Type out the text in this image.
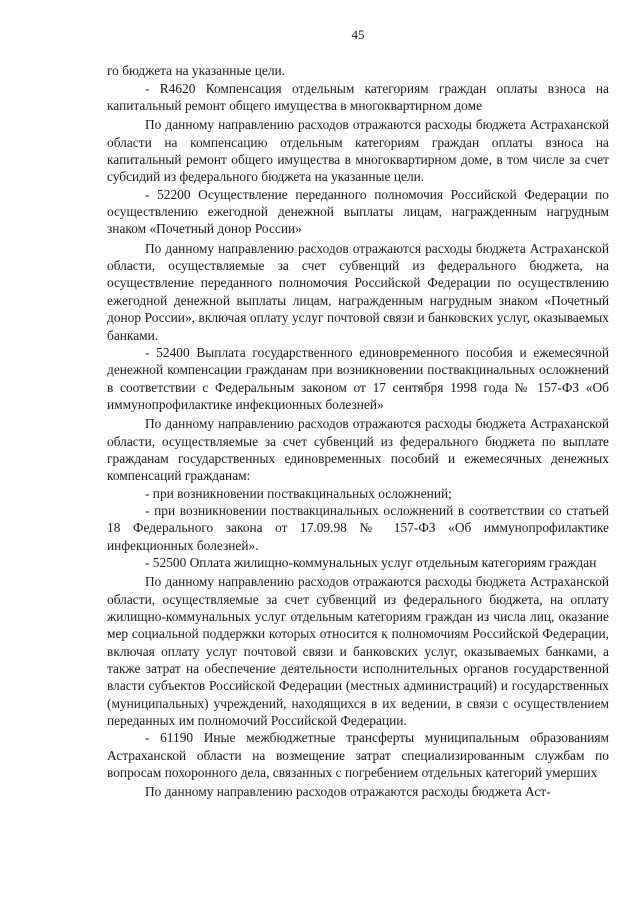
45

го бюджета на указанные цели.

- R4620 Компенсация отдельным категориям граждан оплаты взноса на капитальный ремонт общего имущества в многоквартирном доме

По данному направлению расходов отражаются расходы бюджета Астраханской области на компенсацию отдельным категориям граждан оплаты взноса на капитальный ремонт общего имущества в многоквартирном доме, в том числе за счет субсидий из федерального бюджета на указанные цели.

- 52200 Осуществление переданного полномочия Российской Федерации по осуществлению ежегодной денежной выплаты лицам, награжденным нагрудным знаком «Почетный донор России»

По данному направлению расходов отражаются расходы бюджета Астраханской области, осуществляемые за счет субвенций из федерального бюджета, на осуществление переданного полномочия Российской Федерации по осуществлению ежегодной денежной выплаты лицам, награжденным нагрудным знаком «Почетный донор России», включая оплату услуг почтовой связи и банковских услуг, оказываемых банками.

- 52400 Выплата государственного единовременного пособия и ежемесячной денежной компенсации гражданам при возникновении поствакцинальных осложнений в соответствии с Федеральным законом от 17 сентября 1998 года № 157-ФЗ «Об иммунопрофилактике инфекционных болезней»

По данному направлению расходов отражаются расходы бюджета Астраханской области, осуществляемые за счет субвенций из федерального бюджета по выплате гражданам государственных единовременных пособий и ежемесячных денежных компенсаций гражданам:

- при возникновении поствакцинальных осложнений;

- при возникновении поствакцинальных осложнений в соответствии со статьей 18 Федерального закона от 17.09.98 № 157-ФЗ «Об иммунопрофилактике инфекционных болезней».

- 52500 Оплата жилищно-коммунальных услуг отдельным категориям граждан

По данному направлению расходов отражаются расходы бюджета Астраханской области, осуществляемые за счет субвенций из федерального бюджета, на оплату жилищно-коммунальных услуг отдельным категориям граждан из числа лиц, оказание мер социальной поддержки которых относится к полномочиям Российской Федерации, включая оплату услуг почтовой связи и банковских услуг, оказываемых банками, а также затрат на обеспечение деятельности исполнительных органов государственной власти субъектов Российской Федерации (местных администраций) и государственных (муниципальных) учреждений, находящихся в их ведении, в связи с осуществлением переданных им полномочий Российской Федерации.

- 61190 Иные межбюджетные трансферты муниципальным образованиям Астраханской области на возмещение затрат специализированным службам по вопросам похоронного дела, связанных с погребением отдельных категорий умерших

По данному направлению расходов отражаются расходы бюджета Аст-
